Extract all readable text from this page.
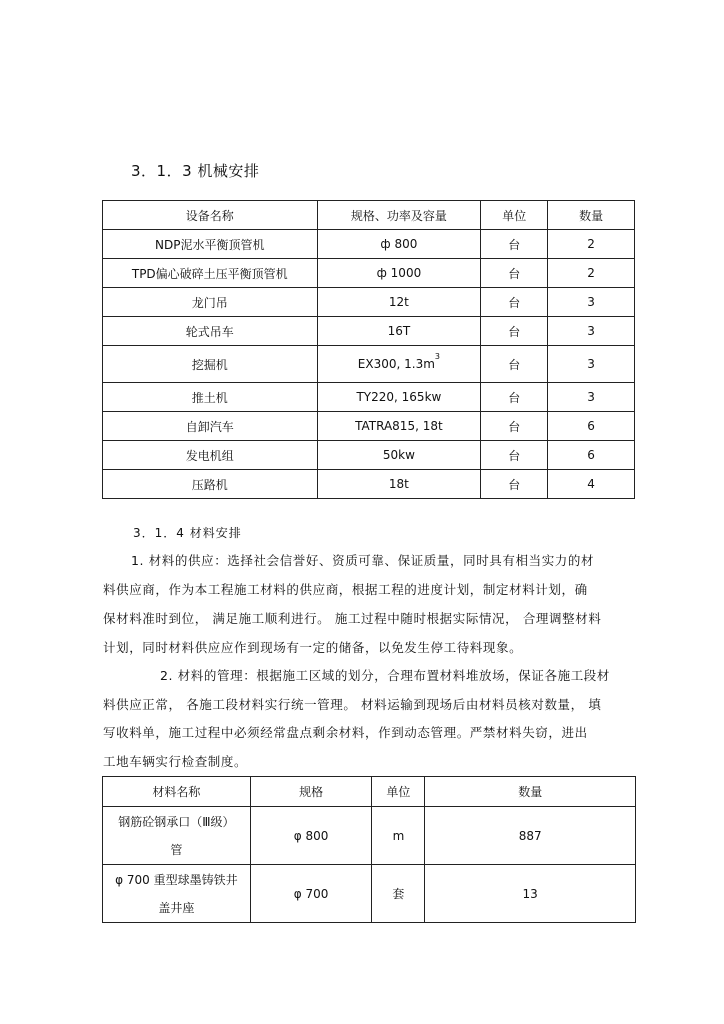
3．1．3 机械安排
设备名称	规格、功率及容量	单位	数量
NDP泥水平衡顶管机	ф 800	台	2
TPD偏心破碎土压平衡顶管机	ф 1000	台	2
龙门吊	12t	台	3
轮式吊车	16T	台	3
挖掘机	EX300, $1.3m^3$	台	3
推土机	TY220, 165kw	台	3
自卸汽车	TATRA815, 18t	台	6
发电机组	50kw	台	6
压路机	18t	台	4
3．1．4 材料安排
1. 材料的供应：选择社会信誉好、资质可靠、保证质量，同时具有相当实力的材
料供应商，作为本工程施工材料的供应商，根据工程的进度计划，制定材料计划，确
保材料准时到位， 满足施工顺利进行。 施工过程中随时根据实际情况， 合理调整材料
计划，同时材料供应应作到现场有一定的储备，以免发生停工待料现象。
2. 材料的管理：根据施工区域的划分，合理布置材料堆放场，保证各施工段材
料供应正常， 各施工段材料实行统一管理。 材料运输到现场后由材料员核对数量， 填
写收料单，施工过程中必须经常盘点剩余材料，作到动态管理。严禁材料失窃，进出
工地车辆实行检查制度。
材料名称	规格	单位	数量

钢筋砼钢承口（Ⅲ级）
管	φ 800	m	887

φ 700 重型球墨铸铁井
盖井座	φ 700	套	13
